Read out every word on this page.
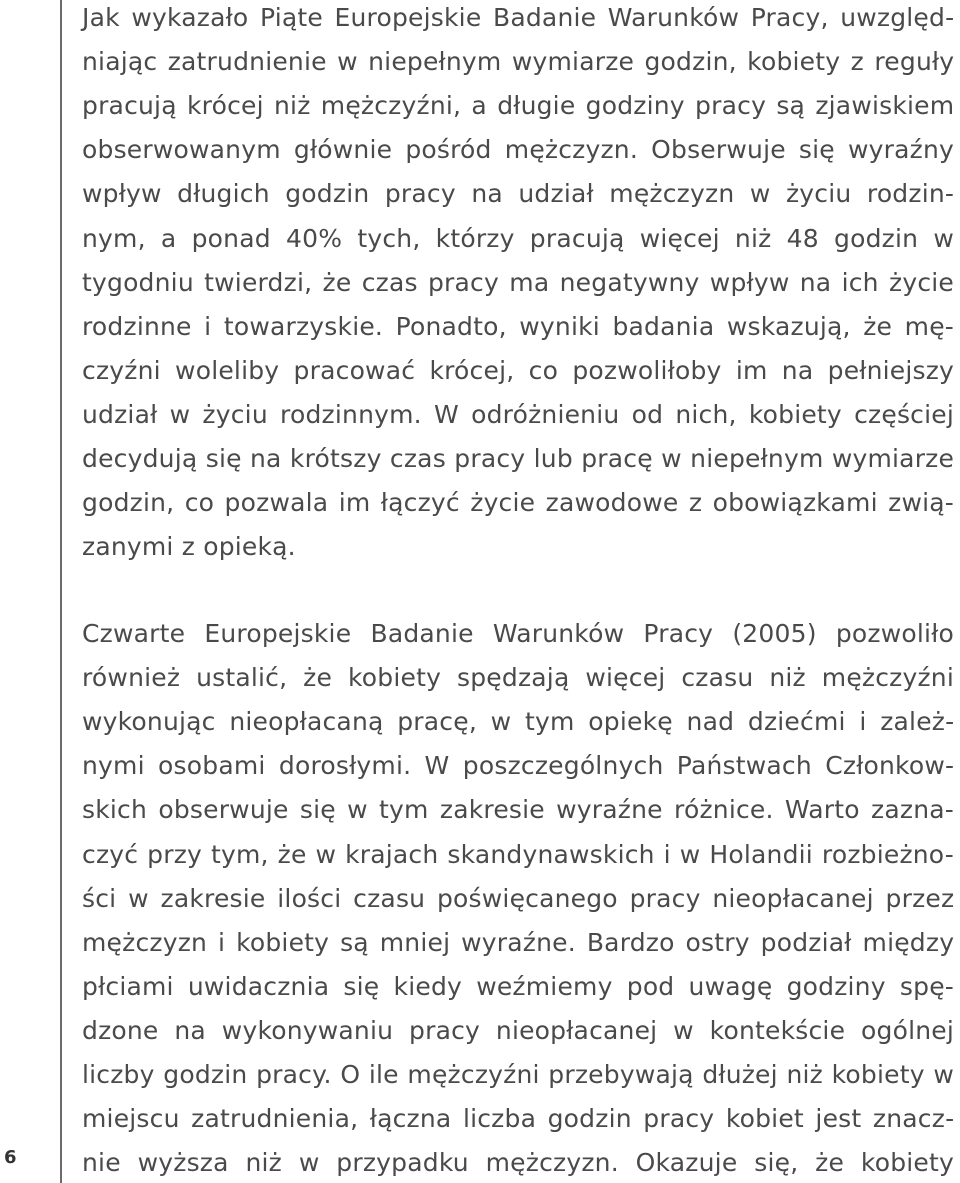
Jak wykazało Piąte Europejskie Badanie Warunków Pracy, uwzględ-
niając zatrudnienie w niepełnym wymiarze godzin, kobiety z reguły
pracują krócej niż mężczyźni, a długie godziny pracy są zjawiskiem
obserwowanym głównie pośród mężczyzn. Obserwuje się wyraźny
wpływ długich godzin pracy na udział mężczyzn w życiu rodzin-
nym, a ponad 40% tych, którzy pracują więcej niż 48 godzin w
tygodniu twierdzi, że czas pracy ma negatywny wpływ na ich życie
rodzinne i towarzyskie. Ponadto, wyniki badania wskazują, że mę-
czyźni woleliby pracować krócej, co pozwoliłoby im na pełniejszy
udział w życiu rodzinnym. W odróżnieniu od nich, kobiety częściej
decydują się na krótszy czas pracy lub pracę w niepełnym wymiarze
godzin, co pozwala im łączyć życie zawodowe z obowiązkami zwią-
zanymi z opieką.
Czwarte Europejskie Badanie Warunków Pracy (2005) pozwoliło
również ustalić, że kobiety spędzają więcej czasu niż mężczyźni
wykonując nieopłacaną pracę, w tym opiekę nad dziećmi i zależ-
nymi osobami dorosłymi. W poszczególnych Państwach Członkow-
skich obserwuje się w tym zakresie wyraźne różnice. Warto zazna-
czyć przy tym, że w krajach skandynawskich i w Holandii rozbieżno-
ści w zakresie ilości czasu poświęcanego pracy nieopłacanej przez
mężczyzn i kobiety są mniej wyraźne. Bardzo ostry podział między
płciami uwidacznia się kiedy weźmiemy pod uwagę godziny spę-
dzone na wykonywaniu pracy nieopłacanej w kontekście ogólnej
liczby godzin pracy. O ile mężczyźni przebywają dłużej niż kobiety w
miejscu zatrudnienia, łączna liczba godzin pracy kobiet jest znacz-
nie wyższa niż w przypadku mężczyzn. Okazuje się, że kobiety
6
